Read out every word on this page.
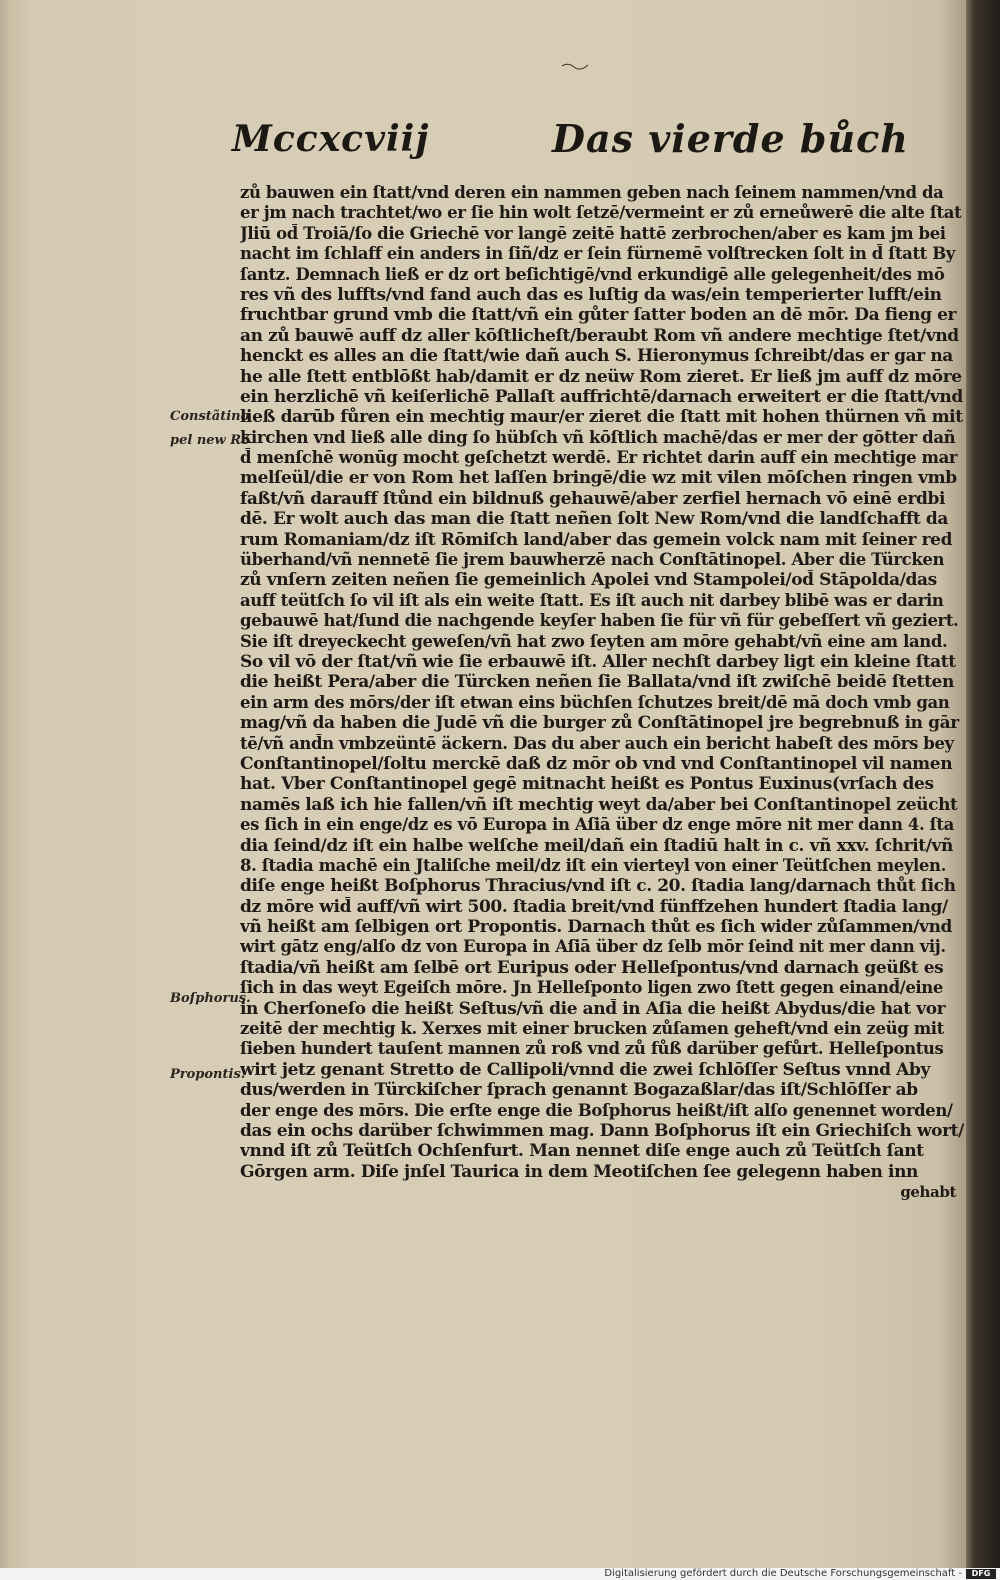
Mccxcviij	Das vierde bůch
Constãtino
pel new Rō
Boſphorus.
Propontis.
zů bauwen ein ſtatt/vnd deren ein nammen geben nach ſeinem nammen/vnd da
er jm nach trachtet/wo er ſie hin wolt ſetzē/vermeint er zů erneůwerē die alte ſtat
Jliū od̄ Troiā/ſo die Griechē vor langē zeitē hattē zerbrochen/aber es kam jm bei
nacht im ſchlaff ein anders in ſiñ/dz er ſein fürnemē volſtrecken ſolt in d̄ ſtatt By
ſantz. Demnach ließ er dz ort beſichtigē/vnd erkundigē alle gelegenheit/des mō
res vñ des luffts/vnd fand auch das es luſtig da was/ein temperierter lufft/ein
fruchtbar grund vmb die ſtatt/vñ ein gůter ſatter boden an dē mōr. Da fieng er
an zů bauwē auff dz aller kōſtlicheſt/beraubt Rom vñ andere mechtige ſtet/vnd
henckt es alles an die ſtatt/wie dañ auch S. Hieronymus ſchreibt/das er gar na
he alle ſtett entblōßt hab/damit er dz neüw Rom zieret. Er ließ jm auff dz mōre
ein herzlichē vñ keiſerlichē Pallaſt auffrichtē/darnach erweitert er die ſtatt/vnd
ließ darūb fůren ein mechtig maur/er zieret die ſtatt mit hohen thürnen vñ mit
kirchen vnd ließ alle ding ſo hübſch vñ kōſtlich machē/das er mer der gōtter dañ
d̄ menſchē wonūg mocht geſchetzt werdē. Er richtet darin auff ein mechtige mar
melſeül/die er von Rom het laſſen bringē/die wz mit vilen mōſchen ringen vmb
faßt/vñ darauff ſtůnd ein bildnuß gehauwē/aber zerfiel hernach vō einē erdbi
dē. Er wolt auch das man die ſtatt neñen ſolt New Rom/vnd die landſchafft da
rum Romaniam/dz iſt Rōmiſch land/aber das gemein volck nam mit ſeiner red
überhand/vñ nennetē ſie jrem bauwherzē nach Conſtātinopel. Aber die Türcken
zů vnſern zeiten neñen ſie gemeinlich Apolei vnd Stampolei/od̄ Stāpolda/das
auff teütſch ſo vil iſt als ein weite ſtatt. Es iſt auch nit darbey blibē was er darin
gebauwē hat/ſund die nachgende keyſer haben ſie für vñ für gebeſſert vñ geziert.
Sie iſt dreyeckecht geweſen/vñ hat zwo ſeyten am mōre gehabt/vñ eine am land.
So vil vō der ſtat/vñ wie ſie erbauwē iſt. Aller nechſt darbey ligt ein kleine ſtatt
die heißt Pera/aber die Türcken neñen ſie Ballata/vnd iſt zwiſchē beidē ſtetten
ein arm des mōrs/der iſt etwan eins büchſen ſchutzes breit/dē mā doch vmb gan
mag/vñ da haben die Judē vñ die burger zů Conſtātinopel jre begrebnuß in gār
tē/vñ and̄n vmbzeüntē äckern. Das du aber auch ein bericht habeſt des mōrs bey
Conſtantinopel/ſoltu merckē daß dz mōr ob vnd vnd Conſtantinopel vil namen
hat. Vber Conſtantinopel gegē mitnacht heißt es Pontus Euxinus(vrſach des
namēs laß ich hie fallen/vñ iſt mechtig weyt da/aber bei Conſtantinopel zeücht
es ſich in ein enge/dz es vō Europa in Aſiā über dz enge mōre nit mer dann 4. ſta
dia ſeind/dz iſt ein halbe welſche meil/dañ ein ſtadiū halt in c. vñ xxv. ſchrit/vñ
8. ſtadia machē ein Jtaliſche meil/dz iſt ein vierteyl von einer Teütſchen meylen.
diſe enge heißt Boſphorus Thracius/vnd iſt c. 20. ſtadia lang/darnach thůt ſich
dz mōre wid̄ auff/vñ wirt 500. ſtadia breit/vnd fünffzehen hundert ſtadia lang/
vñ heißt am ſelbigen ort Propontis. Darnach thůt es ſich wider zůſammen/vnd
wirt gātz eng/alſo dz von Europa in Aſiā über dz ſelb mōr ſeind nit mer dann vij.
ſtadia/vñ heißt am ſelbē ort Euripus oder Helleſpontus/vnd darnach geüßt es
ſich in das weyt Egeiſch mōre. Jn Helleſponto ligen zwo ſtett gegen einand̄/eine
in Cherſoneſo die heißt Seſtus/vñ die and̄ in Aſia die heißt Abydus/die hat vor
zeitē der mechtig k. Xerxes mit einer brucken zůſamen geheft/vnd ein zeüg mit
ſieben hundert tauſent mannen zů roß vnd zů fůß darüber gefůrt. Helleſpontus
wirt jetz genant Stretto de Callipoli/vnnd die zwei ſchlōſſer Seſtus vnnd Aby
dus/werden in Türckiſcher ſprach genannt Bogazaßlar/das iſt/Schlōſſer ab
der enge des mōrs. Die erſte enge die Boſphorus heißt/iſt alſo genennet worden/
das ein ochs darüber ſchwimmen mag. Dann Boſphorus iſt ein Griechiſch wort/
vnnd iſt zů Teütſch Ochſenfurt. Man nennet diſe enge auch zů Teütſch ſant
Gōrgen arm. Diſe jnſel Taurica in dem Meotiſchen ſee gelegenn haben inn
gehabt
Digitalisierung gefördert durch die Deutsche Forschungsgemeinschaft -	DFG
